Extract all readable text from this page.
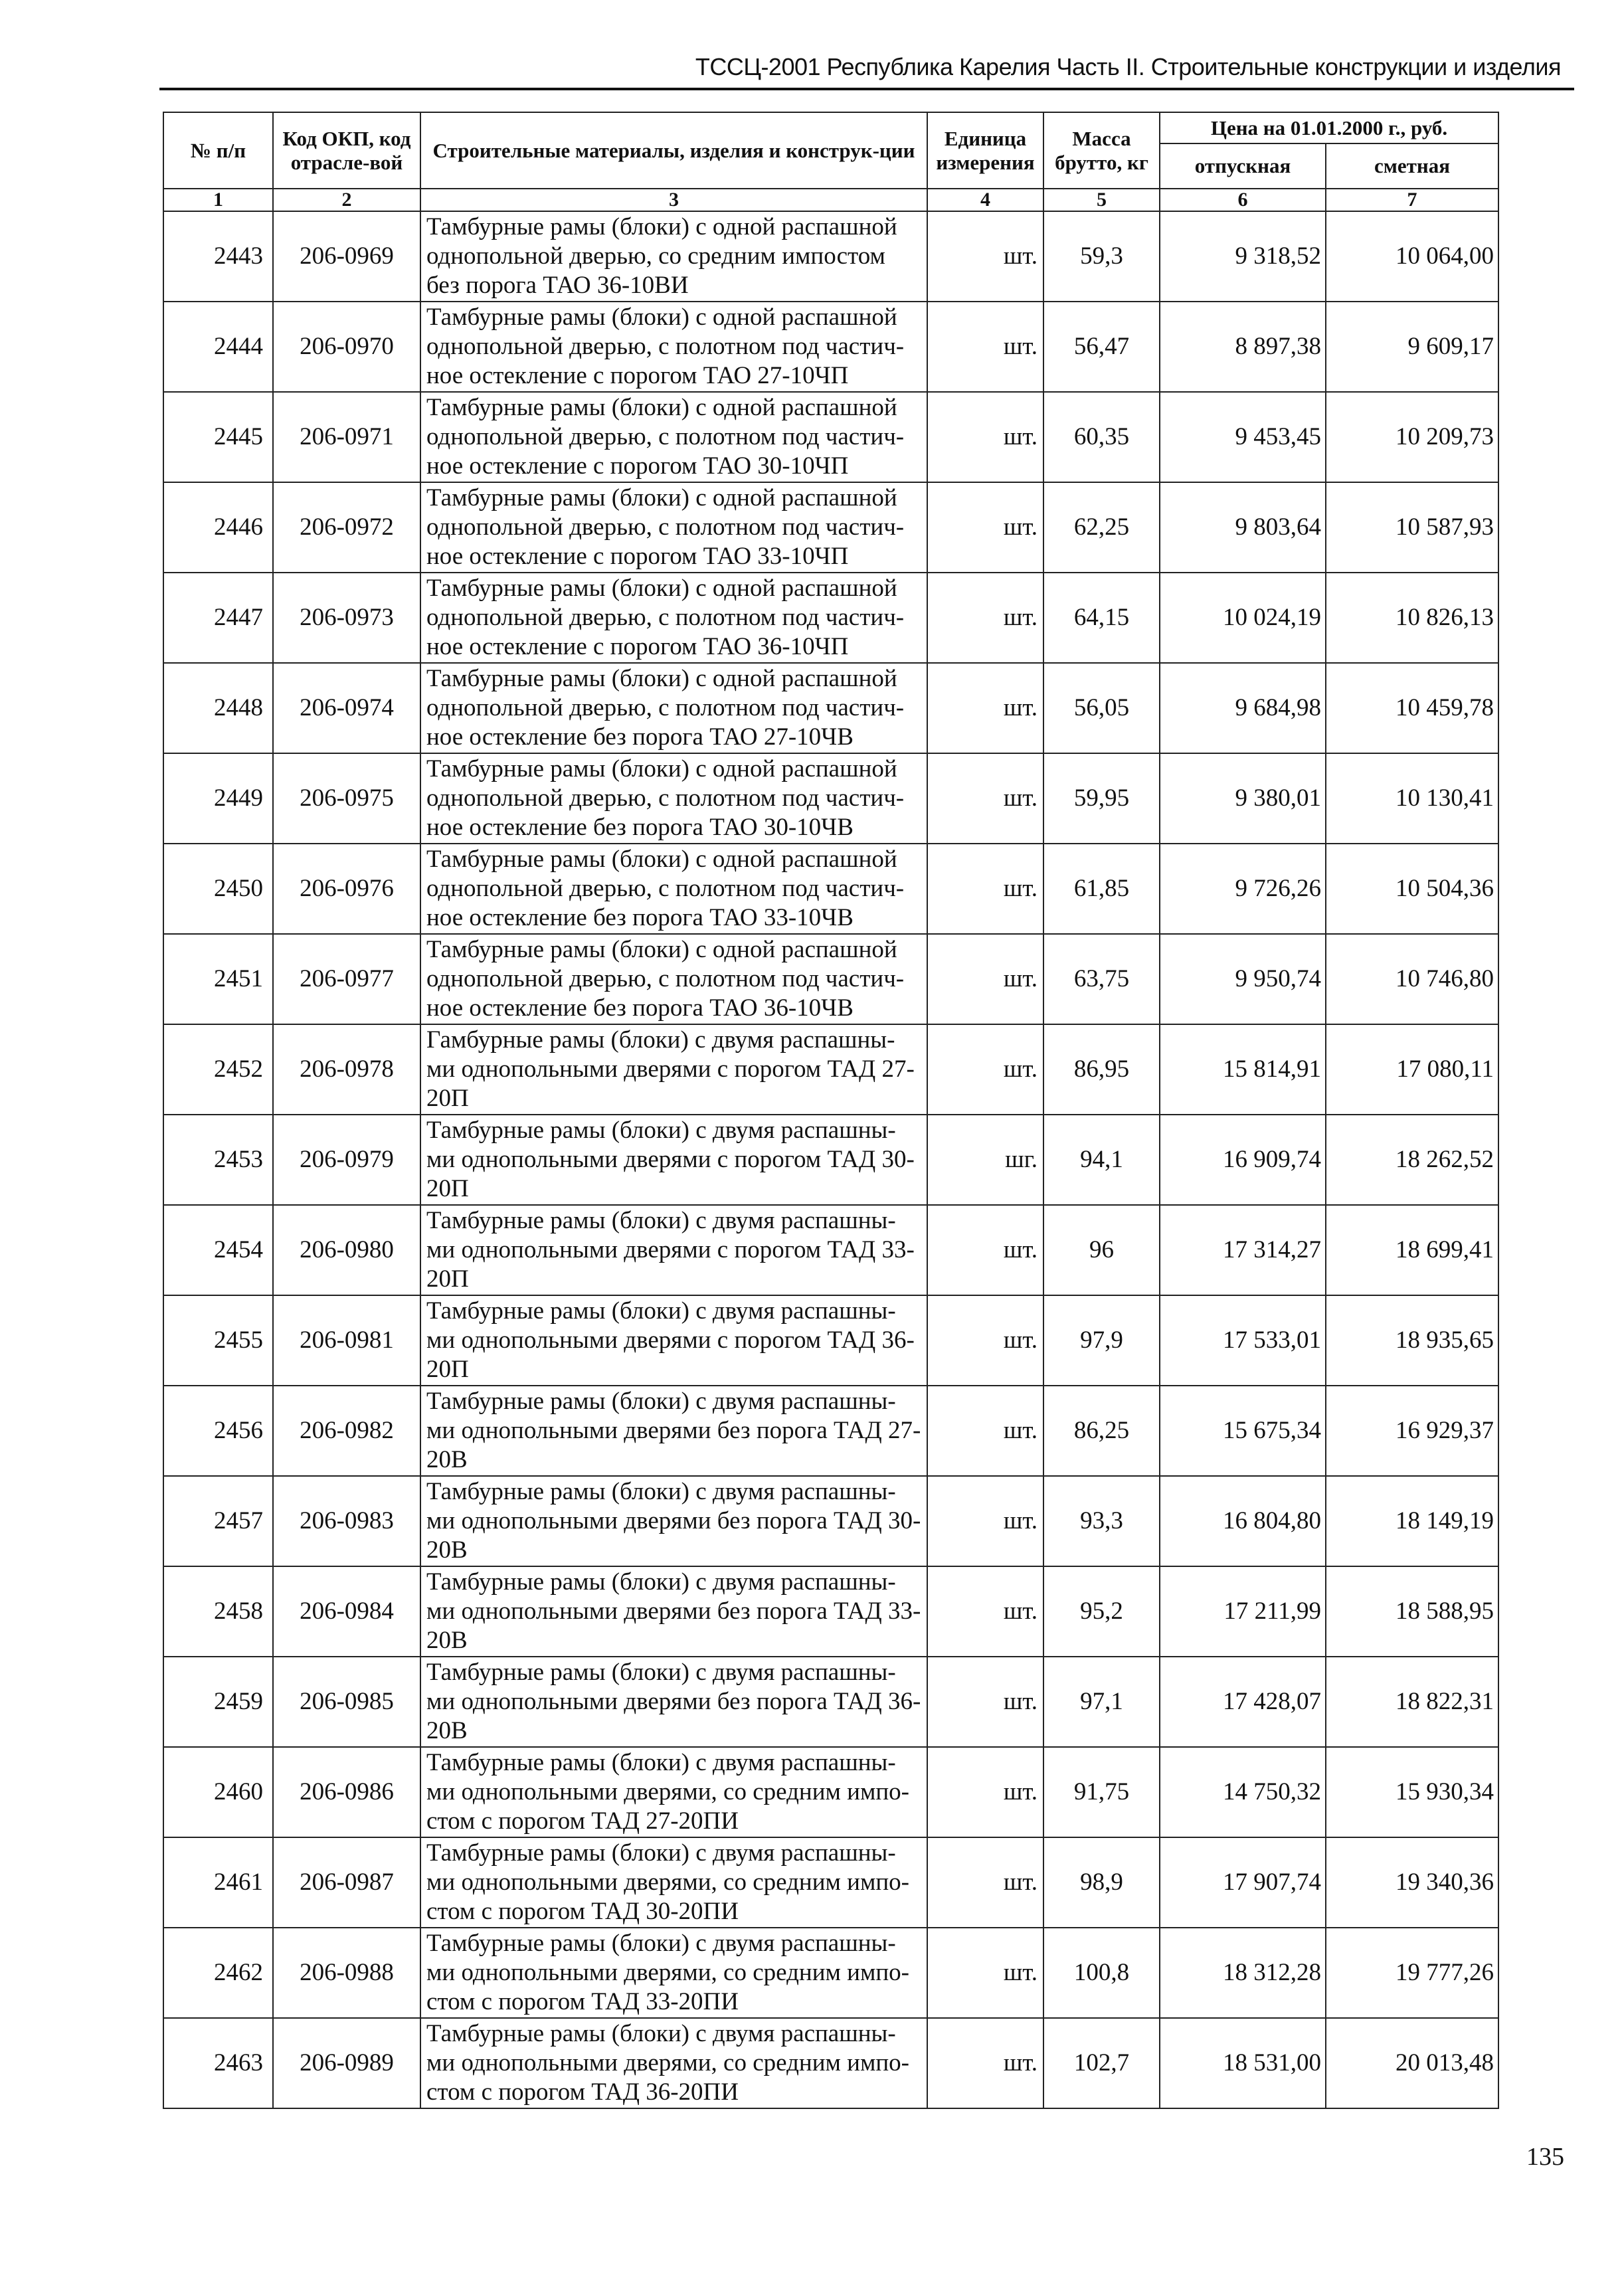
ТССЦ-2001 Республика Карелия Часть II. Строительные конструкции и изделия
№ п/п	Код ОКП, код отрасле-вой	Строительные материалы, изделия и конструк-ции	Единица измерения	Масса брутто, кг	Цена на 01.01.2000 г., руб.	
					отпускная	сметная
1	2	3	4	5	6	7
2443	206-0969	Тамбурные рамы (блоки) с одной распашной однопольной дверью, со средним импостом без порога ТАО 36-10ВИ	шт.	59,3	9 318,52	10 064,00
2444	206-0970	Тамбурные рамы (блоки) с одной распашной однопольной дверью, с полотном под частич-ное остекление с порогом ТАО 27-10ЧП	шт.	56,47	8 897,38	9 609,17
2445	206-0971	Тамбурные рамы (блоки) с одной распашной однопольной дверью, с полотном под частич-ное остекление с порогом ТАО 30-10ЧП	шт.	60,35	9 453,45	10 209,73
2446	206-0972	Тамбурные рамы (блоки) с одной распашной однопольной дверью, с полотном под частич-ное остекление с порогом ТАО 33-10ЧП	шт.	62,25	9 803,64	10 587,93
2447	206-0973	Тамбурные рамы (блоки) с одной распашной однопольной дверью, с полотном под частич-ное остекление с порогом ТАО 36-10ЧП	шт.	64,15	10 024,19	10 826,13
2448	206-0974	Тамбурные рамы (блоки) с одной распашной однопольной дверью, с полотном под частич-ное остекление без порога ТАО 27-10ЧВ	шт.	56,05	9 684,98	10 459,78
2449	206-0975	Тамбурные рамы (блоки) с одной распашной однопольной дверью, с полотном под частич-ное остекление без порога ТАО 30-10ЧВ	шт.	59,95	9 380,01	10 130,41
2450	206-0976	Тамбурные рамы (блоки) с одной распашной однопольной дверью, с полотном под частич-ное остекление без порога ТАО 33-10ЧВ	шт.	61,85	9 726,26	10 504,36
2451	206-0977	Тамбурные рамы (блоки) с одной распашной однопольной дверью, с полотном под частич-ное остекление без порога ТАО 36-10ЧВ	шт.	63,75	9 950,74	10 746,80
2452	206-0978	Гамбурные рамы (блоки) с двумя распашны-ми однопольными дверями с порогом ТАД 27-20П	шт.	86,95	15 814,91	17 080,11
2453	206-0979	Тамбурные рамы (блоки) с двумя распашны-ми однопольными дверями с порогом ТАД 30-20П	шг.	94,1	16 909,74	18 262,52
2454	206-0980	Тамбурные рамы (блоки) с двумя распашны-ми однопольными дверями с порогом ТАД 33-20П	шт.	96	17 314,27	18 699,41
2455	206-0981	Тамбурные рамы (блоки) с двумя распашны-ми однопольными дверями с порогом ТАД 36-20П	шт.	97,9	17 533,01	18 935,65
2456	206-0982	Тамбурные рамы (блоки) с двумя распашны-ми однопольными дверями без порога ТАД 27-20В	шт.	86,25	15 675,34	16 929,37
2457	206-0983	Тамбурные рамы (блоки) с двумя распашны-ми однопольными дверями без порога ТАД 30-20В	шт.	93,3	16 804,80	18 149,19
2458	206-0984	Тамбурные рамы (блоки) с двумя распашны-ми однопольными дверями без порога ТАД 33-20В	шт.	95,2	17 211,99	18 588,95
2459	206-0985	Тамбурные рамы (блоки) с двумя распашны-ми однопольными дверями без порога ТАД 36-20В	шт.	97,1	17 428,07	18 822,31
2460	206-0986	Тамбурные рамы (блоки) с двумя распашны-ми однопольными дверями, со средним импо-стом с порогом ТАД 27-20ПИ	шт.	91,75	14 750,32	15 930,34
2461	206-0987	Тамбурные рамы (блоки) с двумя распашны-ми однопольными дверями, со средним импо-стом с порогом ТАД 30-20ПИ	шт.	98,9	17 907,74	19 340,36
2462	206-0988	Тамбурные рамы (блоки) с двумя распашны-ми однопольными дверями, со средним импо-стом с порогом ТАД 33-20ПИ	шт.	100,8	18 312,28	19 777,26
2463	206-0989	Тамбурные рамы (блоки) с двумя распашны-ми однопольными дверями, со средним импо-стом с порогом ТАД 36-20ПИ	шт.	102,7	18 531,00	20 013,48
135
